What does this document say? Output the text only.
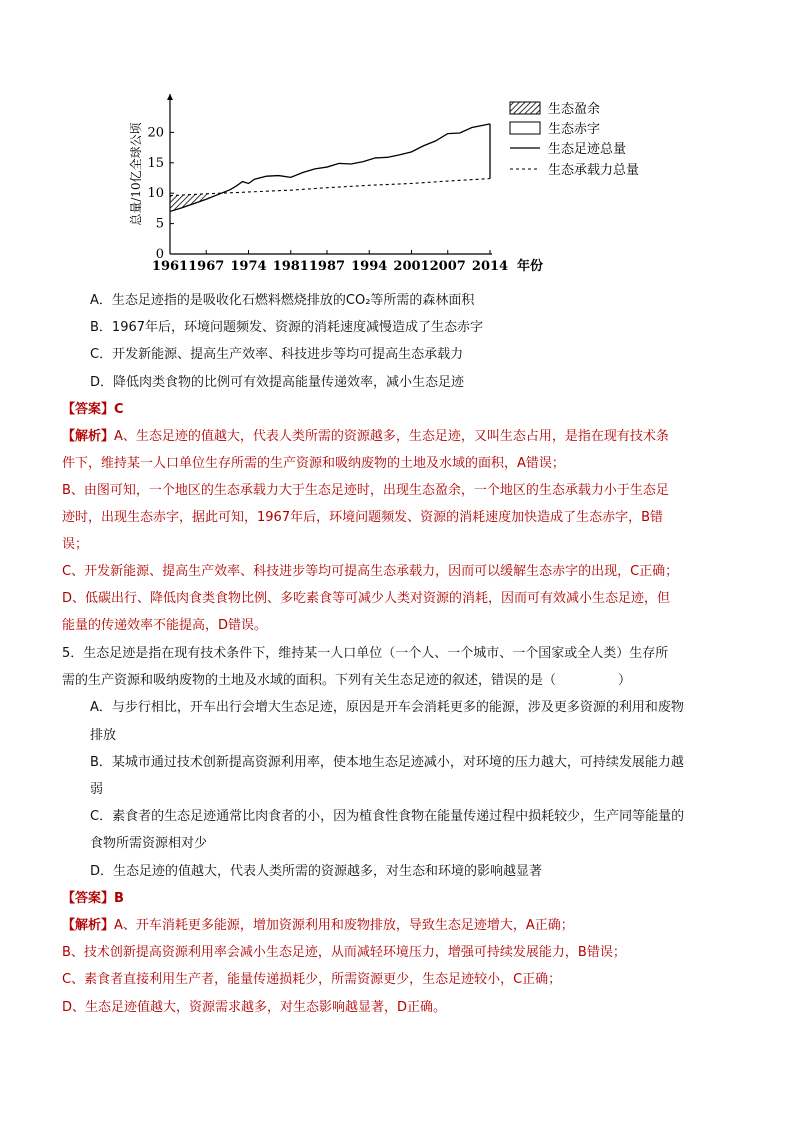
0
5
10
15
20
1961 1967 1974 1981 1987 1994 2001 2007 2014 年份
总量/10亿全球公顷
生态盈余
生态赤字
生态足迹总量
生态承载力总量
A．生态足迹指的是吸收化石燃料燃烧排放的CO₂等所需的森林面积
B．1967年后，环境问题频发、资源的消耗速度减慢造成了生态赤字
C．开发新能源、提高生产效率、科技进步等均可提高生态承载力
D．降低肉类食物的比例可有效提高能量传递效率，减小生态足迹
【答案】C
【解析】A、生态足迹的值越大，代表人类所需的资源越多，生态足迹，又叫生态占用，是指在现有技术条
件下，维持某一人口单位生存所需的生产资源和吸纳废物的土地及水域的面积，A错误；
B、由图可知，一个地区的生态承载力大于生态足迹时，出现生态盈余，一个地区的生态承载力小于生态足
迹时，出现生态赤字，据此可知，1967年后，环境问题频发、资源的消耗速度加快造成了生态赤字，B错
误；
C、开发新能源、提高生产效率、科技进步等均可提高生态承载力，因而可以缓解生态赤字的出现，C正确；
D、低碳出行、降低肉食类食物比例、多吃素食等可减少人类对资源的消耗，因而可有效减小生态足迹，但
能量的传递效率不能提高，D错误。
5．生态足迹是指在现有技术条件下，维持某一人口单位（一个人、一个城市、一个国家或全人类）生存所
需的生产资源和吸纳废物的土地及水域的面积。下列有关生态足迹的叙述，错误的是（	）
A．与步行相比，开车出行会增大生态足迹，原因是开车会消耗更多的能源，涉及更多资源的利用和废物
排放
B．某城市通过技术创新提高资源利用率，使本地生态足迹减小，对环境的压力越大，可持续发展能力越
弱
C．素食者的生态足迹通常比肉食者的小，因为植食性食物在能量传递过程中损耗较少，生产同等能量的
食物所需资源相对少
D．生态足迹的值越大，代表人类所需的资源越多，对生态和环境的影响越显著
【答案】B
【解析】A、开车消耗更多能源，增加资源利用和废物排放，导致生态足迹增大，A正确；
B、技术创新提高资源利用率会减小生态足迹，从而减轻环境压力，增强可持续发展能力，B错误；
C、素食者直接利用生产者，能量传递损耗少，所需资源更少，生态足迹较小，C正确；
D、生态足迹值越大，资源需求越多，对生态影响越显著，D正确。
